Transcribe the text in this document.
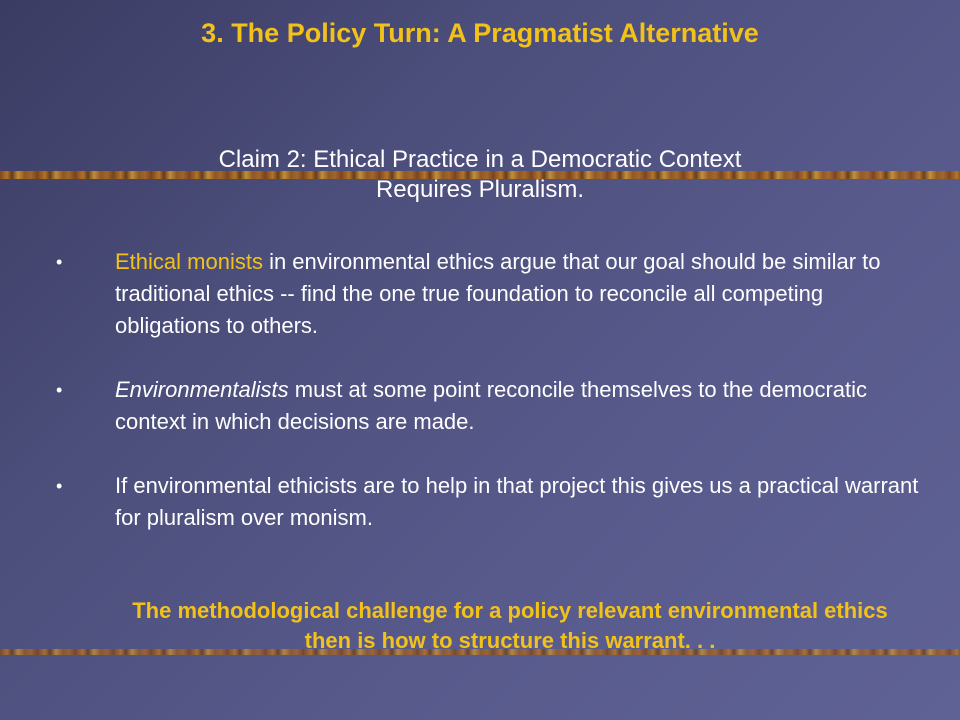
3. The Policy Turn: A Pragmatist Alternative
Claim 2: Ethical Practice in a Democratic Context
Requires Pluralism.
• Ethical monists in environmental ethics argue that our goal should be similar to traditional ethics -- find the one true foundation to reconcile all competing obligations to others.
• Environmentalists must at some point reconcile themselves to the democratic context in which decisions are made.
• If environmental ethicists are to help in that project this gives us a practical warrant for pluralism over monism.
The methodological challenge for a policy relevant environmental ethics then is how to structure this warrant. . .
